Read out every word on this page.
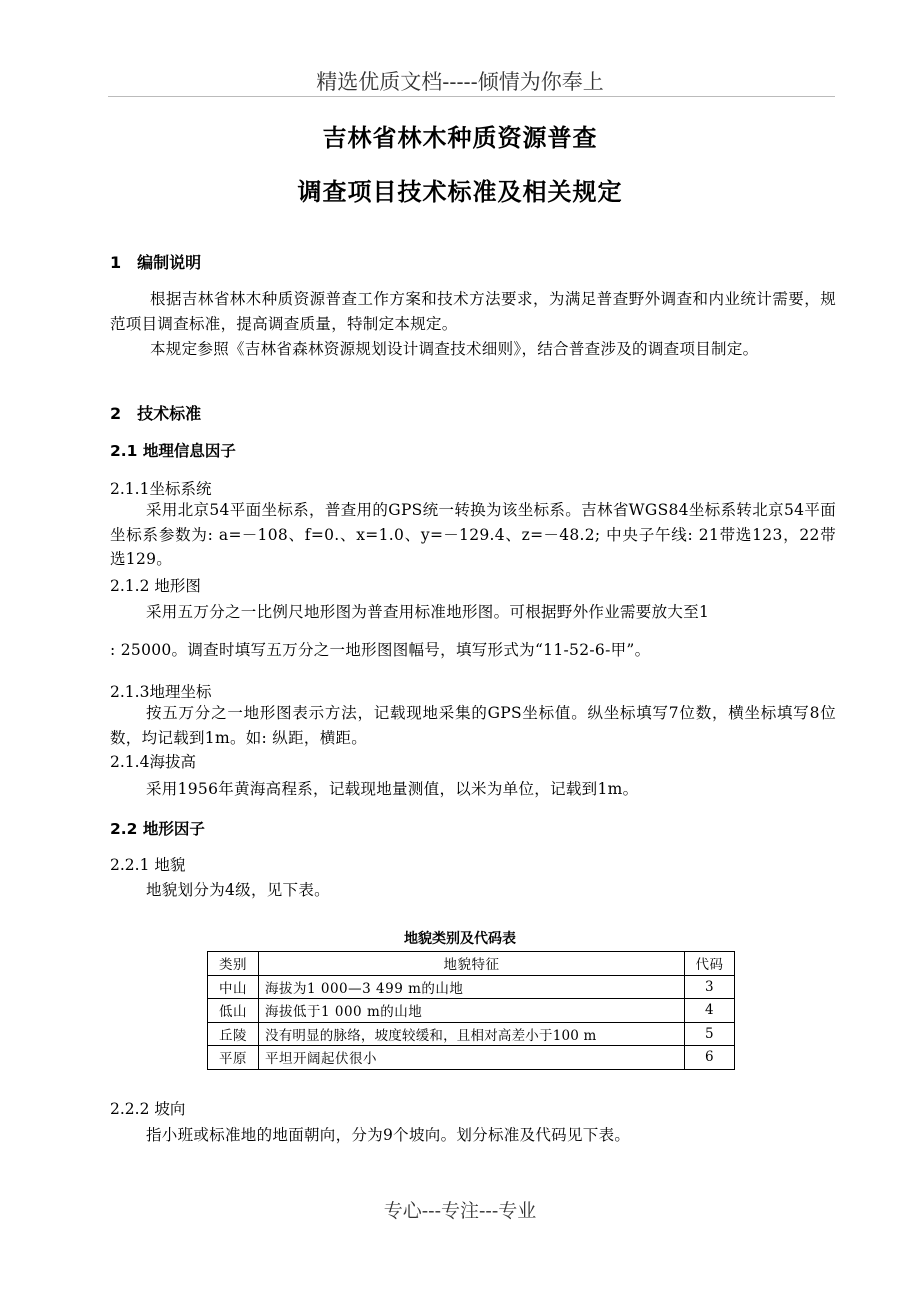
精选优质文档-----倾情为你奉上
吉林省林木种质资源普查
调查项目技术标准及相关规定
1　编制说明
根据吉林省林木种质资源普查工作方案和技术方法要求，为满足普查野外调查和内业统计需要，规范项目调查标准，提高调查质量，特制定本规定。
本规定参照《吉林省森林资源规划设计调查技术细则》，结合普查涉及的调查项目制定。
2　技术标准
2.1 地理信息因子
2.1.1坐标系统
采用北京54平面坐标系，普查用的GPS统一转换为该坐标系。吉林省WGS84坐标系转北京54平面坐标系参数为: a=－108、f=0.、x=1.0、y=－129.4、z=－48.2; 中央子午线: 21带选123，22带选129。
2.1.2 地形图
采用五万分之一比例尺地形图为普查用标准地形图。可根据野外作业需要放大至1
: 25000。调查时填写五万分之一地形图图幅号，填写形式为“11-52-6-甲”。
2.1.3地理坐标
按五万分之一地形图表示方法，记载现地采集的GPS坐标值。纵坐标填写7位数，横坐标填写8位数，均记载到1m。如: 纵距，横距。
2.1.4海拔高
采用1956年黄海高程系，记载现地量测值，以米为单位，记载到1m。
2.2 地形因子
2.2.1 地貌
地貌划分为4级，见下表。
地貌类别及代码表
类别	地貌特征	代码
中山	海拔为1 000—3 499 m的山地	3
低山	海拔低于1 000 m的山地	4
丘陵	没有明显的脉络，坡度较缓和，且相对高差小于100 m	5
平原	平坦开阔起伏很小	6
2.2.2 坡向
指小班或标准地的地面朝向，分为9个坡向。划分标准及代码见下表。
专心---专注---专业
